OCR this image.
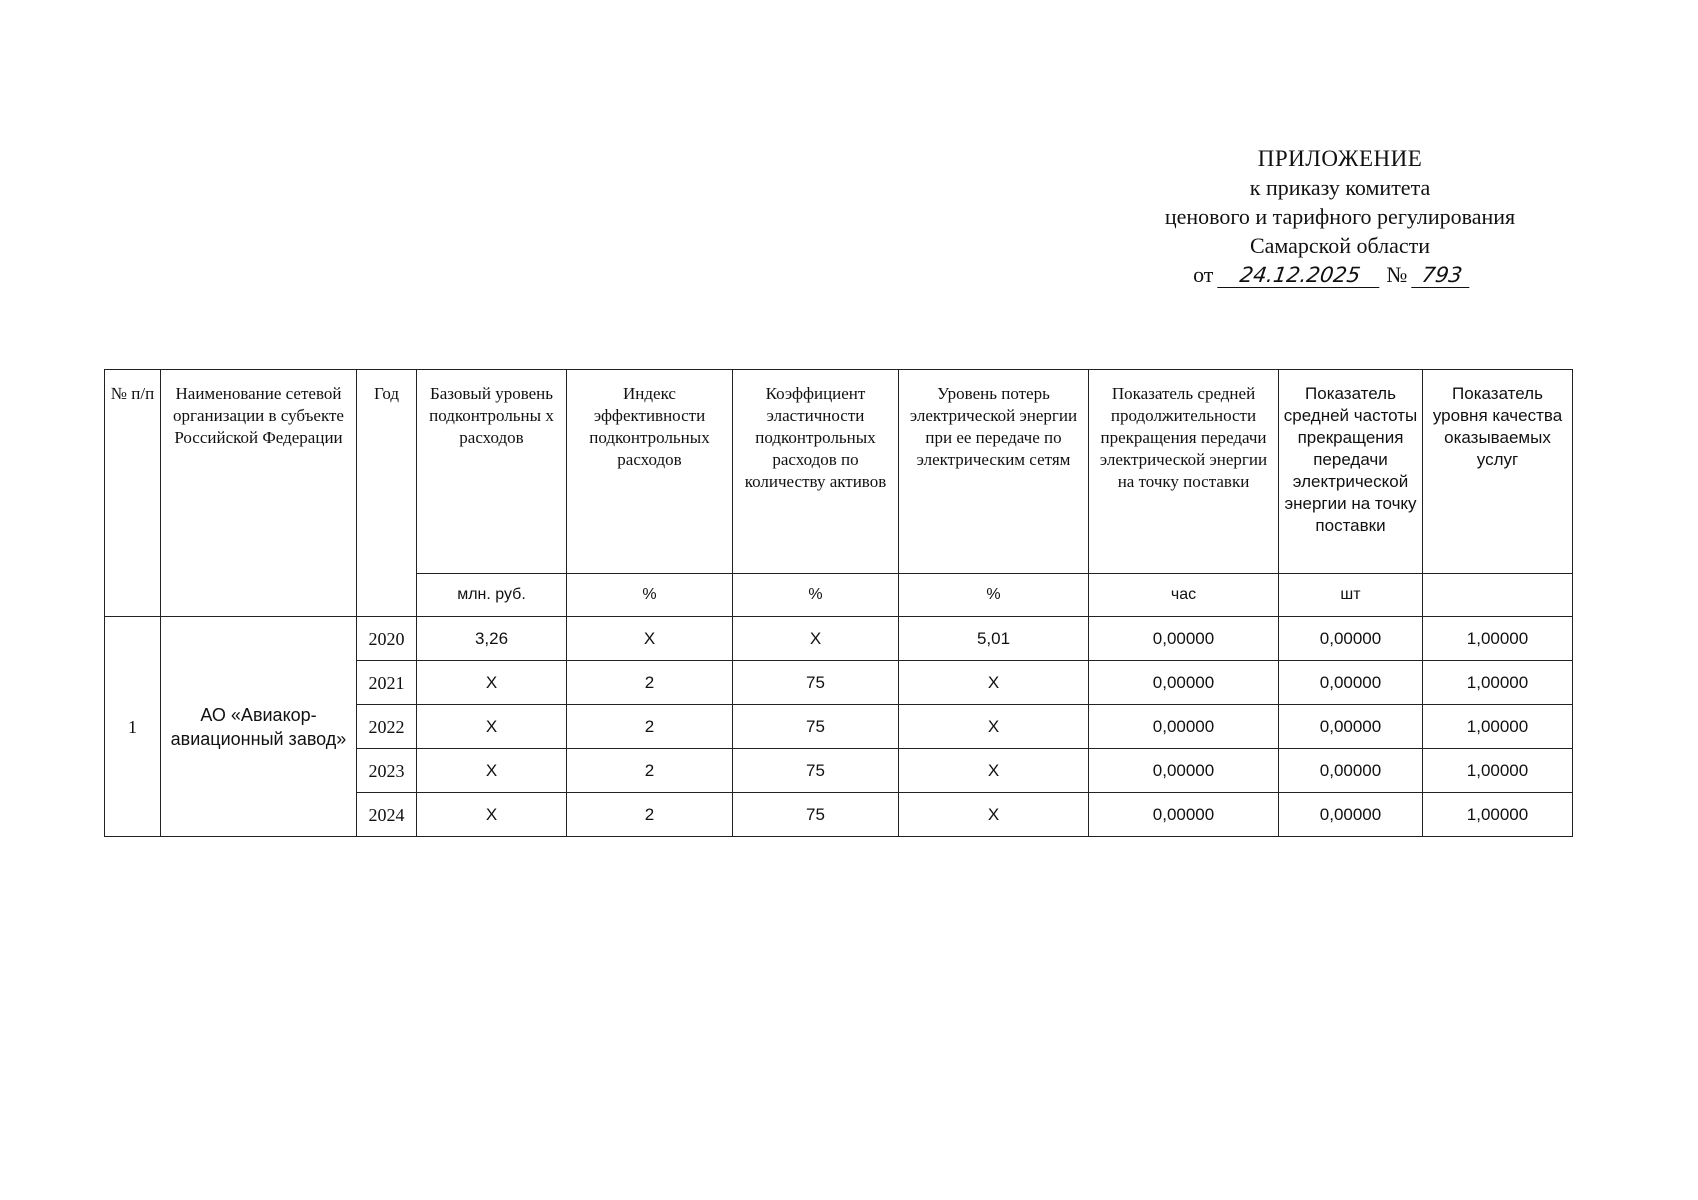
ПРИЛОЖЕНИЕ
к приказу комитета
ценового и тарифного регулирования
Самарской области
от 24.12.2025 № 793
№ п/п	Наименование сетевой организации в субъекте Российской Федерации	Год	Базовый уровень подконтрольны х расходов	Индекс эффективности подконтрольных расходов	Коэффициент эластичности подконтрольных расходов по количеству активов	Уровень потерь электрической энергии при ее передаче по электрическим сетям	Показатель средней продолжительности прекращения передачи электрической энергии на точку поставки	Показатель средней частоты прекращения передачи электрической энергии на точку поставки	Показатель уровня качества оказываемых услуг
			млн. руб.	%	%	%	час	шт	
1	АО «Авиакор-авиационный завод»	2020	3,26	Х	Х	5,01	0,00000	0,00000	1,00000
		2021	Х	2	75	Х	0,00000	0,00000	1,00000
		2022	Х	2	75	Х	0,00000	0,00000	1,00000
		2023	Х	2	75	Х	0,00000	0,00000	1,00000
		2024	Х	2	75	Х	0,00000	0,00000	1,00000
